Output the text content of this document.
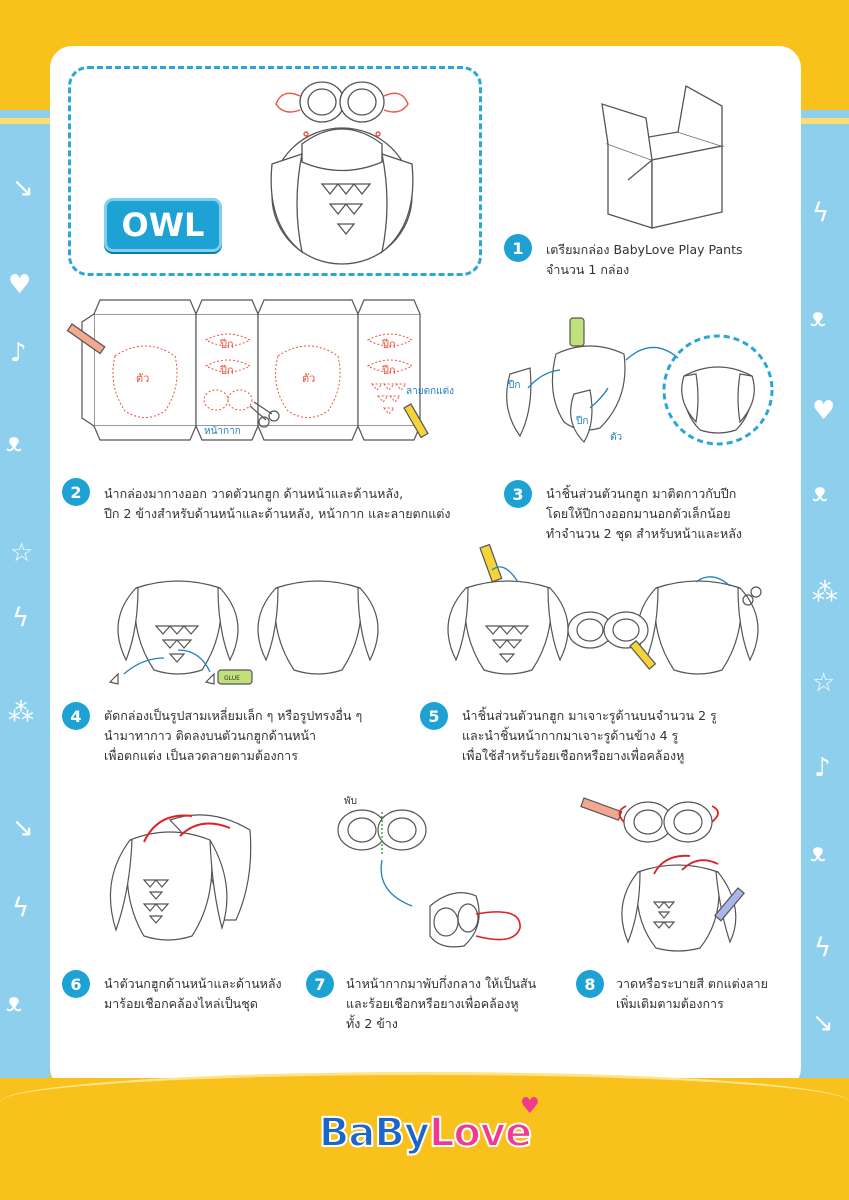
↘
♥
♪
ᴥ
☆
ϟ
⁂
↘
ϟ
ᴥ
ϟ
ᴥ
♥
ᴥ
⁂
☆
♪
ᴥ
ϟ
↘
OWL
1	เตรียมกล่อง BabyLove Play Pants
จำนวน 1 กล่อง
ตัว	ตัว
ปีก
ปีก
ปีก
ปีก
หน้ากาก
ลายตกแต่ง
2	นำกล่องมากางออก วาดตัวนกฮูก ด้านหน้าและด้านหลัง,
ปีก 2 ข้างสำหรับด้านหน้าและด้านหลัง, หน้ากาก และลายตกแต่ง
ปีก
ปีก
ตัว
3	นำชิ้นส่วนตัวนกฮูก มาติดกาวกับปีก
โดยให้ปีกางออกมานอกตัวเล็กน้อย
ทำจำนวน 2 ชุด สำหรับหน้าและหลัง
GLUE
4	ตัดกล่องเป็นรูปสามเหลี่ยมเล็ก ๆ หรือรูปทรงอื่น ๆ
นำมาทากาว ติดลงบนตัวนกฮูกด้านหน้า
เพื่อตกแต่ง เป็นลวดลายตามต้องการ
5	นำชิ้นส่วนตัวนกฮูก มาเจาะรูด้านบนจำนวน 2 รู
และนำชิ้นหน้ากากมาเจาะรูด้านข้าง 4 รู
เพื่อใช้สำหรับร้อยเชือกหรือยางเพื่อคล้องหู
6	นำตัวนกฮูกด้านหน้าและด้านหลัง
มาร้อยเชือกคล้องไหล่เป็นชุด
พับ
7	นำหน้ากากมาพับกึ่งกลาง ให้เป็นสัน
และร้อยเชือกหรือยางเพื่อคล้องหู
ทั้ง 2 ข้าง
8	วาดหรือระบายสี ตกแต่งลาย
เพิ่มเติมตามต้องการ
BaByLove
♥
